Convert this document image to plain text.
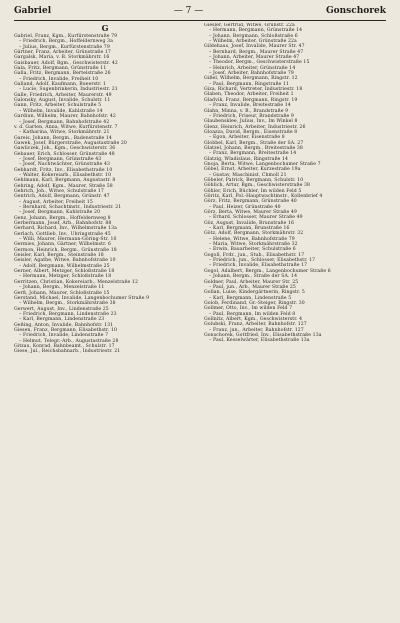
Gabriel	— 7 —	Gonschorek
G
Gabriel, Franz, Kgm., Kurfürstenstraße 79
– Friedrich, Bergm., Hoffeldernweg 3a
– Julius, Bergm., Kurfürstenstraße 79
Gärtner, Franz, Arbeiter, Grünstraße 17
Gargalsk, Maria, v. B. Storkmährstr. 16
Gaisbauer, Adolf, Bgm., Geschwisterstr. 42
Gala, Fritz, Bergmann, Grünstraße 11
Galla, Fritz, Bergmann, Bertelstraße 26
– Friedrich, Invalide, Freiheit 10
Galland, Adolf, Kaufmann, Bueerstr. 1
– Lucie, Sugenbrinkerin, Industriestr. 21
Galle, Friedrich, Arbeiter, Maurerstr. 49
Galonsky, August, Invalide, Schulstr. 11
Gann, Fritz, Arbeiter, Schulstraße 5
– Wilhelm, Invalide, Kahlstraße 14
Gardiun, Wilhelm, Maurer, Bahnhofstr. 42
– Josef, Bergmann, Bahnhofstraße 42
v. d. Garten, Anna, Witwe, Kurfürstenstr. 7
– Katharina, Witwe, Storkmährstr. 21
Gareis, Johann, Bergm., Badenstraße 14
Gawek, Josef, Bürgerstraße, Augustastraße 20
Gawliczek, Joh., Kgm., Geschwisterstr. 36
Gebauer, Erich, Schlosser, Grünstraße 48
– Josef, Bergmann, Grünstraße 43
– Josef, Nachtwächter, Grünstraße 43
Gebhardt, Fritz, Inv., Elisabethstraße 10
– Walter, Kokereiarb., Elisabethstr. 10
Gehlmann, Karl, Bergmann, Augustastr. 8
Gehring, Adolf, Kgm., Maurer, Straße 58
Gehrich, Joh., Witwe, Schulstraße 17
Gentrich, Adolf, Bergmann, Grünstr. 47
– August, Arbeiter, Freiheit 15
– Bernhard, Schachtmstr., Industriestr. 21
– Josef, Bergmann, Kahlstraße 20
Genz, Johann, Bergm., Hoffeldernweg 8
Gerbermann, Josef, Arb., Bahnhofstr. 88
Gerhard, Richard, Inv., Wilhelmstraße 13a
Gerlach, Gottlieb, Inv., Uhringstraße 45
– Willi, Maurer, Hermann-Göring-Str. 10
Germies, Johann, Gärtner, Wilhelmstr. 6
Germon, Heinrich, Bergm., Grünstraße 18
Geisler, Karl, Bergm., Steinstraße 18
Geisler, Agathe, Witwe, Bahnhofstraße 10
– Adolf, Bergmann, Wilhelmstraße 25
Gerner, Albert, Metzger, Schloßstraße 18
– Hermann, Metzger, Schloßstraße 18
Gerritzen, Christian, Kokereiarb., Menzelstraße 12
– Johann, Bergm., Menzelstraße 11
Gerß, Johann, Maurer, Schloßstraße 15
Gerstand, Michael, Invalide, Langenbochumer Straße 9
– Wilhelm, Bergm., Storkmährstraße 38
Gerwert, August, Inv., Lindenstraße 25
– Friedrich, Bergmann, Lindenstraße 23
– Karl, Bergmann, Lindenstraße 23
Geßing, Anton, Invalide, Bahnhofstr. 131
Giesen, Franz, Bergmann, Elisabethstr. 10
– Friedrich, Invalide, Lindenstraße 7
– Helmut, Telegr.-Arb., Augustastraße 28
Gitzau, Konrad, Bahnbeamt., Schulstr. 17
Giese, Jul., Reichsbahnarb., Industriestr. 21
Giesler, Gertrud, Witwe, Grünstr. 22a
– Hermann, Bergmann, Grünstraße 14
– Johann, Bergmann, Schloßstraße 6
– Wilhelm, Arbeiter, Grünstraße 22a
Gildehaus, Josef, Invalide, Maurer Str. 47
– Bernhard, Bergm., Maurer Straße 47
– Johann, Arbeiter, Maurer Straße 47
– Theodor, Bergm., Geschwisterstraße 15
– Heinrich, Arbeiter, Grünstraße 14
– Josef, Arbeiter, Bahnhofstraße 79
Gißel, Wilhelm, Bergmann, Ringstr. 12
– Paul, Bergmann, Ringstraße 11
Giza, Richard, Vertreter, Industriestr. 18
Glaben, Theodor, Arbeiter, Freiheit 1
Gladvik, Franz, Bergmann, Ringstr. 19
– Franz, Invalide, Breitestraße 14
Glahn, Minna, v. B., Brandstraße 9
– Friedrich, Friseur, Brandstraße 9
Glaubensklee, Julius, Inv., Im Winkel 8
Glenz, Heinrich, Arbeiter, Industriestr. 26
Gloazza, David, Bergm., Eisenstraße 8
– Egon, Arbeiter, Eisenstraße 8
Globbel, Karl, Bergm., Straße der SA. 27
Glatzel, Johann, Bergm., Breitestraße 38
– Franz, Bergmann, Breitestraße 14
Glatzig, Wladislaus, Ringstraße 14
Gnoja, Berta, Witwe, Langenbochumer Straße 7
Göbel, Ernst, Arbeiter, Kurzestraße 19a
– Gustav, Maschinist, Chmoll 21
Göbeler, Patrick, Bergmann, Schulstr. 10
Göhlich, Artur, Bgm., Geschwisterstraße 38
Göhler, Erich, Büchler, Im wilden Feld 5
Göritz, Karl, Pol.-Hauptwachtmstr., Kollenbrief 4
Görz, Fritz, Bergmann, Grünstraße 40
– Paul, Heizer, Grünstraße 40
Görz, Berta, Witwe, Maurer Straße 49
– Erhard, Schlosser, Maurer Straße 49
Göz, August, Invalide, Brunstraße 16
– Karl, Bergmann, Brunstraße 16
Götz, Adolf, Bergmann, Storkmährstr. 32
– Helene, Witwe, Bahnhofstraße 79
– Maria, Witwe, Storkmährstraße 32
– Erwin, Bauarbeiter, Schulstraße 6
Gogoll, Frdr., jun., Stub., Elisabethstr. 17
– Friedrich, jun., Schlosser, Elisabethstr. 17
– Friedrich, Invalide, Elisabethstraße 17
Gogol, Adalbert, Bergm., Langenbochumer Straße 6
– Johann, Bergm., Straße der SA. 14
Goldner, Paul, Arbeiter, Maurer Str. 25
– Paul, jun., Arb., Maurer Straße 25
Gollan, Luise, Kindergärtnerin, Ringstr. 5
– Karl, Bergmann, Lindenstraße 5
Golob, Ferdinand, Gr.-Steiger, Ringstr. 30
Gollmer, Otto, Inv., Im wilden Feld 7
– Paul, Bergmann, Im wilden Feld 8
Gollnitz, Albert, Kgm., Geschwisterstr. 4
Golubski, Franz, Arbeiter, Bahnhofstr. 127
– Franz, jun., Arbeiter, Bahnhofstr. 127
Gonschorek, Gottfried, Inv., Elisabethstraße 13a
– Paul, Kesselwärter, Elisabethstraße 13a
